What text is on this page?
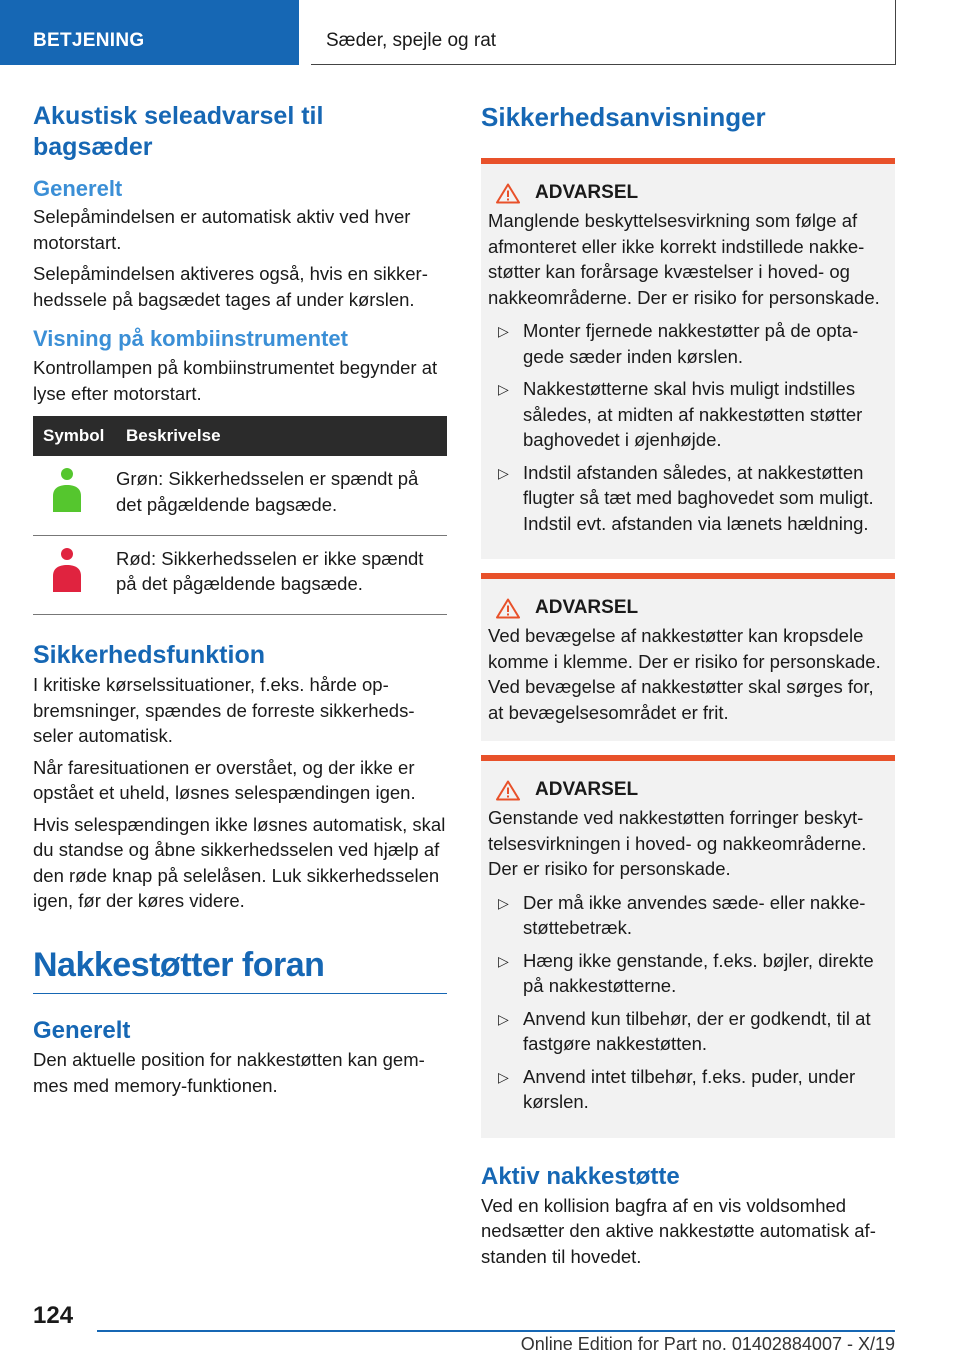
BETJENING	Sæder, spejle og rat
Akustisk seleadvarsel til bagsæder
Generelt

Selepåmindelsen er automatisk aktiv ved hver motorstart.

Selepåmindelsen aktiveres også, hvis en sikkerhedssele på bagsædet tages af under kørslen.

Visning på kombiinstrumentet

Kontrollampen på kombiinstrumentet begynder at lyse efter motorstart.

Symbol	Beskrivelse
	Grøn: Sikkerhedsselen er spændt på det pågældende bagsæde.
	Rød: Sikkerhedsselen er ikke spændt på det pågældende bagsæde.
Sikkerhedsfunktion

I kritiske kørselssituationer, f.eks. hårde opbremsninger, spændes de forreste sikkerhedsseler automatisk.

Når faresituationen er overstået, og der ikke er opstået et uheld, løsnes selespændingen igen.

Hvis selespændingen ikke løsnes automatisk, skal du standse og åbne sikkerhedsselen ved hjælp af den røde knap på selelåsen. Luk sikkerhedsselen igen, før der køres videre.

Nakkestøtter foran
Generelt

Den aktuelle position for nakkestøtten kan gemmes med memory-funktionen.

Sikkerhedsanvisninger
ADVARSEL

Manglende beskyttelsesvirkning som følge af afmonteret eller ikke korrekt indstillede nakkestøtter kan forårsage kvæstelser i hoved- og nakkeområderne. Der er risiko for personskade.

▷ Monter fjernede nakkestøtter på de optagede sæder inden kørslen.
▷ Nakkestøtterne skal hvis muligt indstilles således, at midten af nakkestøtten støtter baghovedet i øjenhøjde.
▷ Indstil afstanden således, at nakkestøtten flugter så tæt med baghovedet som muligt. Indstil evt. afstanden via lænets hældning.
ADVARSEL

Ved bevægelse af nakkestøtter kan kropsdele komme i klemme. Der er risiko for personskade. Ved bevægelse af nakkestøtter skal sørges for, at bevægelsesområdet er frit.

ADVARSEL

Genstande ved nakkestøtten forringer beskyttelsesvirkningen i hoved- og nakkeområderne. Der er risiko for personskade.

▷ Der må ikke anvendes sæde- eller nakkestøttebetræk.
▷ Hæng ikke genstande, f.eks. bøjler, direkte på nakkestøtterne.
▷ Anvend kun tilbehør, der er godkendt, til at fastgøre nakkestøtten.
▷ Anvend intet tilbehør, f.eks. puder, under kørslen.
Aktiv nakkestøtte

Ved en kollision bagfra af en vis voldsomhed nedsætter den aktive nakkestøtte automatisk afstanden til hovedet.

124
Online Edition for Part no. 01402884007 - X/19
